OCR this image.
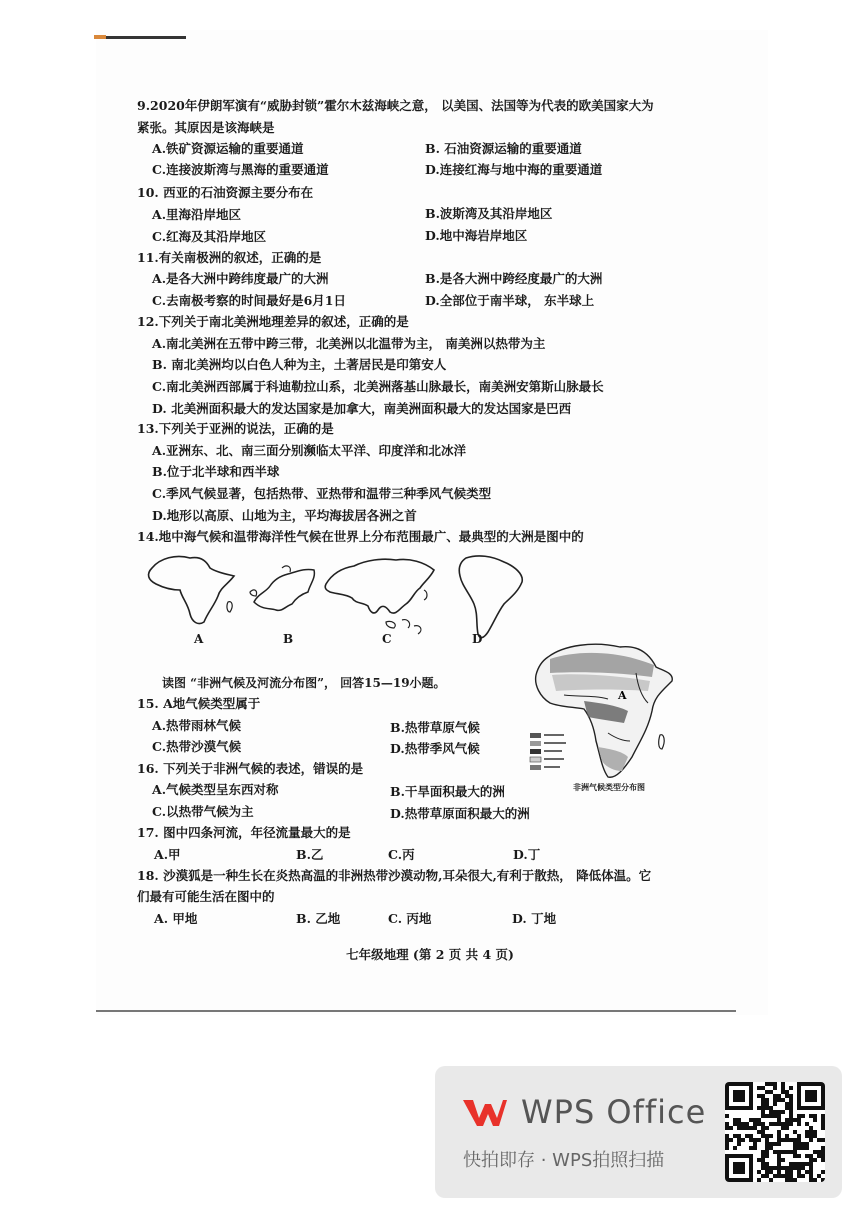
9.2020年伊朗军演有“威胁封锁”霍尔木兹海峡之意， 以美国、法国等为代表的欧美国家大为
紧张。其原因是该海峡是
A.铁矿资源运输的重要通道	B. 石油资源运输的重要通道
C.连接波斯湾与黑海的重要通道	D.连接红海与地中海的重要通道
10. 西亚的石油资源主要分布在
A.里海沿岸地区	B.波斯湾及其沿岸地区
C.红海及其沿岸地区	D.地中海岩岸地区
11.有关南极洲的叙述，正确的是
A.是各大洲中跨纬度最广的大洲	B.是各大洲中跨经度最广的大洲
C.去南极考察的时间最好是6月1日	D.全部位于南半球， 东半球上
12.下列关于南北美洲地理差异的叙述，正确的是
A.南北美洲在五带中跨三带，北美洲以北温带为主， 南美洲以热带为主
B. 南北美洲均以白色人种为主，土著居民是印第安人
C.南北美洲西部属于科迪勒拉山系，北美洲落基山脉最长，南美洲安第斯山脉最长
D. 北美洲面积最大的发达国家是加拿大，南美洲面积最大的发达国家是巴西
13.下列关于亚洲的说法，正确的是
A.亚洲东、北、南三面分别濒临太平洋、印度洋和北冰洋
B.位于北半球和西半球
C.季风气候显著，包括热带、亚热带和温带三种季风气候类型
D.地形以高原、山地为主，平均海拔居各洲之首
14.地中海气候和温带海洋性气候在世界上分布范围最广、最典型的大洲是图中的
A	B	C	D
读图 “非洲气候及河流分布图”， 回答15—19小题。
A
非洲气候类型分布图
15. A地气候类型属于
A.热带雨林气候	B.热带草原气候
C.热带沙漠气候	D.热带季风气候
16. 下列关于非洲气候的表述，错误的是
A.气候类型呈东西对称	B.干旱面积最大的洲
C.以热带气候为主	D.热带草原面积最大的洲
17. 图中四条河流，年径流量最大的是
A.甲	B.乙	C.丙	D.丁
18. 沙漠狐是一种生长在炎热高温的非洲热带沙漠动物,耳朵很大,有利于散热， 降低体温。它
们最有可能生活在图中的
A. 甲地	B. 乙地	C. 丙地	D. 丁地
七年级地理 (第 2 页 共 4 页)
WPS Office
快拍即存 · WPS拍照扫描
